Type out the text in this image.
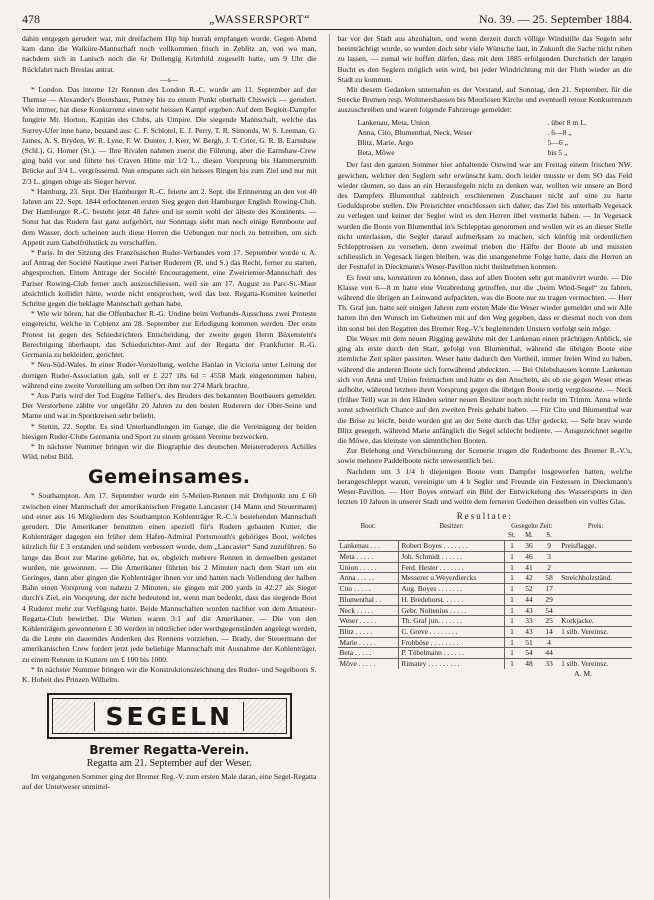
478	„WASSERSPORT“	No. 39. — 25. September 1884.

dahin entgegen gerudert war, mit dreifachem Hip hip hurrah empfangen wurde. Gegen Abend kam dann die Walküre-Mannschaft noch vollkommen frisch in Zeblitz an, von wo man, nachdem sich in Lanisch noch die 6r Dollengig Krimhild zugesellt hatte, um 9 Uhr die Rückfahrt nach Breslau antrat.

—s—

* London. Das interne 12r Rennen des London R.-C. wurde am 11. September auf der Themse — Alexander's Bootshaus, Putney bis zu einem Punkt oberhalb Chiswick — gerudert. Wie immer, hat diese Konkurrenz einen sehr heissen Kampf ergeben. Auf dem Begleit-Dampfer fungirte Mr. Horton, Kapitän des Clubs, als Umpire. Die siegende Mannschaft, welche das Surrey-Ufer inne hatte, bestand aus: C. F. Schlotel, E. J. Perry, T. R. Simonds, W. S. Leeman, G. James, A. S. Bryden, W. R. Lyne, F. W. Dunter, J. Kerr, W. Bergh, J. T. Crier, G. R. B. Earnshaw (Schl.), G. Homer (St.). — Ihre Rivalen nahmen zuerst die Führung, aber die Earnshaw-Crew ging bald vor und führte bei Craven Hütte mit 1/2 L., diesen Vorsprung bis Hammersmith Brücke auf 3/4 L. vergrössernd. Nun entspann sich ein heisses Ringen bis zum Ziel und nur mit 2/3 L. gingen obige als Sieger hervor.

* Hamburg, 23. Sept. Der Hamburger R.-C. feierte am 2. Sept. die Erinnerung an den vor 40 Jahren am 22. Sept. 1844 erfochtenen ersten Sieg gegen den Hamburger English Rowing-Club. Der Hamburger R.-C. besteht jetzt 48 Jahre und ist somit wohl der älteste des Kontinents. — Sonst hat das Rudern fast ganz aufgehört, nur Sonntags sieht man noch einige Rennboote auf dem Wasser, doch scheinen auch diese Herren die Uebungen nur noch zu betreiben, um sich Appetit zum Gabelfrühstück zu verschaffen.

* Paris. In der Sitzung des Französischen Ruder-Verbandes vom 17. September wurde u. A. auf Antrag der Société Nautique zwei Pariser Ruderern (R. und S.) das Recht, ferner zu starten, abgesprochen. Einem Antrage der Société Encouragement, eine Zweiriemer-Mannschaft des Pariser Rowing-Club ferner auch auszuschliessen, weil sie am 17. August zu Parc-St.-Maur absichtlich kollidirt hätte, wurde nicht entsprochen, weil das bez. Regatta-Komitee keinerlei Schritte gegen die beklagte Mannschaft gethan habe.

* Wie wir hören, hat die Offenbacher R.-G. Undine beim Verbands-Ausschuss zwei Proteste eingereicht, welche in Coblenz am 28. September zur Erledigung kommen werden. Der erste Protest ist gegen des Schiedsrichters Entscheidung, der zweite gegen Herrn Büxenstein's Berechtigung überhaupt, das Schiedsrichter-Amt auf der Regatta der Frankfurter R.-G. Germania zu bekleiden, gerichtet.

* Neu-Süd-Wales. In einer Ruder-Vorstellung, welche Hanlan in Victoria unter Leitung der dortigen Ruder-Association gab, soll er £ 227 18s 6d = 4558 Mark eingenommen haben, während eine zweite Vorstellung am selben Ort ihm nur 274 Mark brachte.

* Aus Paris wird der Tod Eugène Tellier's, des Bruders des bekannten Bootbauers gemeldet. Der Verstorbene zählte vor ungefähr 20 Jahren zu den besten Ruderern der Ober-Seine und Marne und war in Sportkreisen sehr beliebt.

* Stettin, 22. Septbr. Es sind Unterhandlungen im Gange, die die Vereinigung der beiden hiesigen Ruder-Clubs Germania und Sport zu einem grossen Vereine bezwecken.

* In nächster Nummer bringen wir die Biographie des deutschen Meisterruderers Achilles Wild, nebst Bild.

Gemeinsames.

* Southampton. Am 17. September wurde ein 5-Meilen-Rennen mit Drehpunkt um £ 60 zwischen einer Mannschaft der amerikanischen Fregatte Lancaster (14 Mann und Steuermann) und einer aus 16 Mitgliedern des Southampton Kohlenträger R.-C.'s bestehenden Mannschaft gerudert. Die Amerikaner benutzten einen speziell für's Rudern gebauten Kutter, die Kohlenträger dagegen ein früher dem Hafen-Admiral Portsmouth's gehöriges Boot, welches kürzlich für £ 3 erstanden und seitdem verbessert wurde, dem „Lancaster“ Sand zuzuführen. So lange das Boot zur Marine gehörte, hat es, obgleich mehrere Rennen in demselben gestartet wurden, nie gewonnen. — Die Amerikaner führten bis 2 Minuten nach dem Start um ein Geringes, dann aber gingen die Kohlenträger ihnen vor und hatten nach Vollendung der halben Bahn einen Vorsprung von nahezu 2 Minuten, sie gingen mit 200 yards in 42:27 als Sieger durch's Ziel, ein Vorsprung, der nicht bedeutend ist, wenn man bedenkt, dass das siegende Boot 4 Ruderer mehr zur Verfügung hatte. Beide Mannschaften wurden nachher von dem Amateur-Regatta-Club bewirthet. Die Wetten waren 3:1 auf die Amerikaner. — Die von den Kohlenträgern gewonnenen £ 30 werden in nützlicher oder werthgegenständen angelegt werden, da die Leute ein dauerndes Andenken des Rennens vorziehen. — Brady, der Steuermann der amerikanischen Crew fordert jetzt jede beliebige Mannschaft mit Ausnahme der Kohlenträger, zu einem Rennen in Kuttern um £ 100 bis 1000.

* In nächster Nummer bringen wir die Konstruktionszeichnung des Ruder- und Segelboots S. K. Hoheit des Prinzen Wilhelm.

SEGELN
Bremer Regatta-Verein.
Regatta am 21. September auf der Weser.

Im vergangenen Sommer ging der Bremer Reg.-V. zum ersten Male daran, eine Segel-Regatta auf der Unterweser unmittel-

bar vor der Stadt aus abzuhalten, und wenn derzeit durch völlige Windstille das Segeln sehr beeinträchtigt wurde, so wurden doch sehr viele Wünsche laut, in Zukunft die Sache nicht ruhen zu lassen, — zumal wir hoffen dürfen, dass mit dem 1885 erfolgenden Durchstich der langen Bucht es den Seglern möglich sein wird, bei jeder Windrichtung mit der Fluth wieder an die Stadt zu kommen.

Mit diesem Gedanken unternahm es der Vorstand, auf Sonntag, den 21. September, für die Strecke Bremen resp. Woltmershausen bis Moorlosen Kirche und eventuell retour Konkurrenzen auszuschreiben und waren folgende Fahrzeuge gemeldet:

Lankenau, Meta, Union	. über 8 m L.
Anna, Cito, Blumenthal, Neck, Weser	. 6—8 „
Blitz, Marie, Argo	5—6 „
Beta, Möwe	bis 5 „

Der fast den ganzen Sommer hier anhaltende Ostwind war am Freitag einem frischen NW. gewichen, welcher den Seglern sehr erwünscht kam, doch leider musste er dem SO das Feld wieder räumen, so dass an ein Herausfegeln nicht zu denken war, wollten wir unsere an Bord des Dampfers Blumenthal zahlreich erschienenen Zuschauer nicht auf eine zu harte Geduldsprobe stellen. Die Preisrichter entschlossen sich daher, das Ziel bis unterhalb Vegesack zu verlegen und keiner der Segler wird es den Herren übel vermerkt haben. — In Vegesack wurden die Boote von Blumenthal in's Schlepptau genommen und wollen wir es an dieser Stelle nicht unterlassen, die Segler darauf aufmerksam zu machen, sich künftig mit ordentlichen Schlepptrossen zu versehen, denn zweimal trieben die Hälfte der Boote ab und mussten schliesslich in Vegesack liegen bleiben, was die unangenehme Folge hatte, dass die Herren an der Festtafel in Dieckmann's Weser-Pavillon nicht theilnehmen konnten.

Es freut uns, konstatiren zu können, dass auf allen Booten sehr gut manövrirt wurde. — Die Klasse von 6—8 m hatte eine Verabredung getroffen, nur die „beim Wind-Segel“ zu fahren, während die übrigen an Leinwand aufpackten, was die Boote nur zu tragen vermochten. — Herr Th. Graf jun. hatte seit einigen Jahren zum ersten Male die Weser wieder gemeldet und wir Alle hatten ihn den Wunsch im Geheimen mit auf den Weg gegeben, dass er diesmal noch von dem ihn sonst bei den Regatten des Bremer Reg.-V.'s begleitenden Unstern verfolgt sein möge.

Die Weser mit dem neuen Rigging gewährte mit der Lankenau einen prächtigen Anblick, sie ging als erste durch den Start, gefolgt von Blumenthal, während die übrigen Boote eine ziemliche Zeit später passirten. Weser hatte dadurch den Vortheil, immer freien Wind zu haben, während die anderen Boote sich fortwährend abdeckten. — Bei Oslebshausen konnte Lankenau sich von Anna und Union freimachen und hatte es den Anschein, als ob sie gegen Weser etwas aufholte, während letztere ihren Vorsprung gegen die übrigen Boote stetig vergrösserte. — Neck (früher Tell) war in den Händen seiner neuen Besitzer noch nicht recht im Trimm. Anna würde sonst schwerlich Chance auf den zweiten Preis gehabt haben. — Für Cito und Blumenthal war die Brise zu leicht, beide wurden gut an der Seite durch das Ufer gedeckt. — Sehr brav wurde Blitz gesegelt, während Marie anfänglich die Segel schlecht bediente. — Ausgezeichnet segelte die Möwe, das kleinste von sämmtlichen Booten.

Zur Belebung und Verschönerung der Scenerie trugen die Ruderboote des Bremer R.-V.'s, sowie mehrere Paddelboote nicht unwesentlich bei.

Nachdem um 3 1/4 h diejenigen Boote vom Dampfer losgeworfen hatten, welche herangeschleppt waren, vereinigte um 4 h Segler und Freunde ein Festessen in Dieckmann's Weser-Pavillon. — Herr Boyes entwarf ein Bild der Entwickelung des Wassersports in den letzten 10 Jahren in unserer Stadt und weilte dem ferneren Gedeihen desselben ein volles Glas.

Resultate:
Boot:	Besitzer:	Gesegelte Zeit:			Preis:
		St.	M.	S.	
Lankenau . . .	Robert Boyes . . . . . . .	1	36	9	Preisflagge.
Meta . . . . .	Joh. Schmidt . . . . . .	1	46	3	
Union . . . . .	Ferd. Hester . . . . . . .	1	41	2	
Anna . . . . .	Messerer u.Weyerdiercks	1	42	58	Streichholzständ.
Cito . . . . .	Aug. Boyes . . . . . . .	1	52	17	
Blumenthal . .	H. Bredehorst. . . . . .	1	44	29	
Neck . . . . .	Gebr. Noltenius . . . . .	1	43	54	
Weser . . . . .	Th. Graf jun. . . . . . .	1	33	25	Korkjacke.
Blitz . . . . .	C. Greve . . . . . . . .	1	43	14	1 silb. Vereinsz.
Marie . . . . .	Frohböse . . . . . . . .	1	51	4	
Beta . . . . .	P. Töbelmann . . . . . .	1	54	44	
Möve . . . . .	Rimatey . . . . . . . . .	1	48	33	1 silb. Vereinsz.
A. M.
